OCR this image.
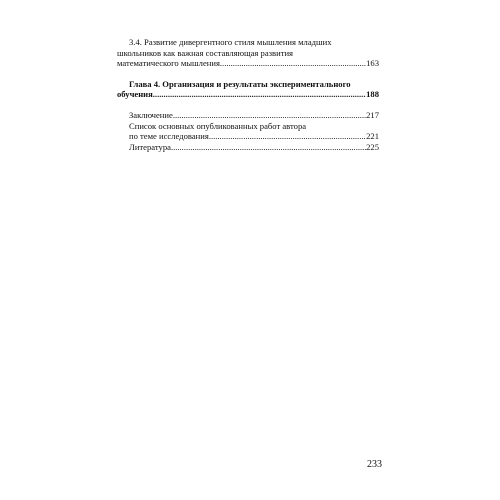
3.4. Развитие дивергентного стиля мышления младших
школьников как важная составляющая развития
математического мышления .....	163
Глава 4. Организация и результаты экспериментального
обучения .....	188
Заключение .....	217
Список основных опубликованных работ автора
по теме исследования .....	221
Литература .....	225
233
